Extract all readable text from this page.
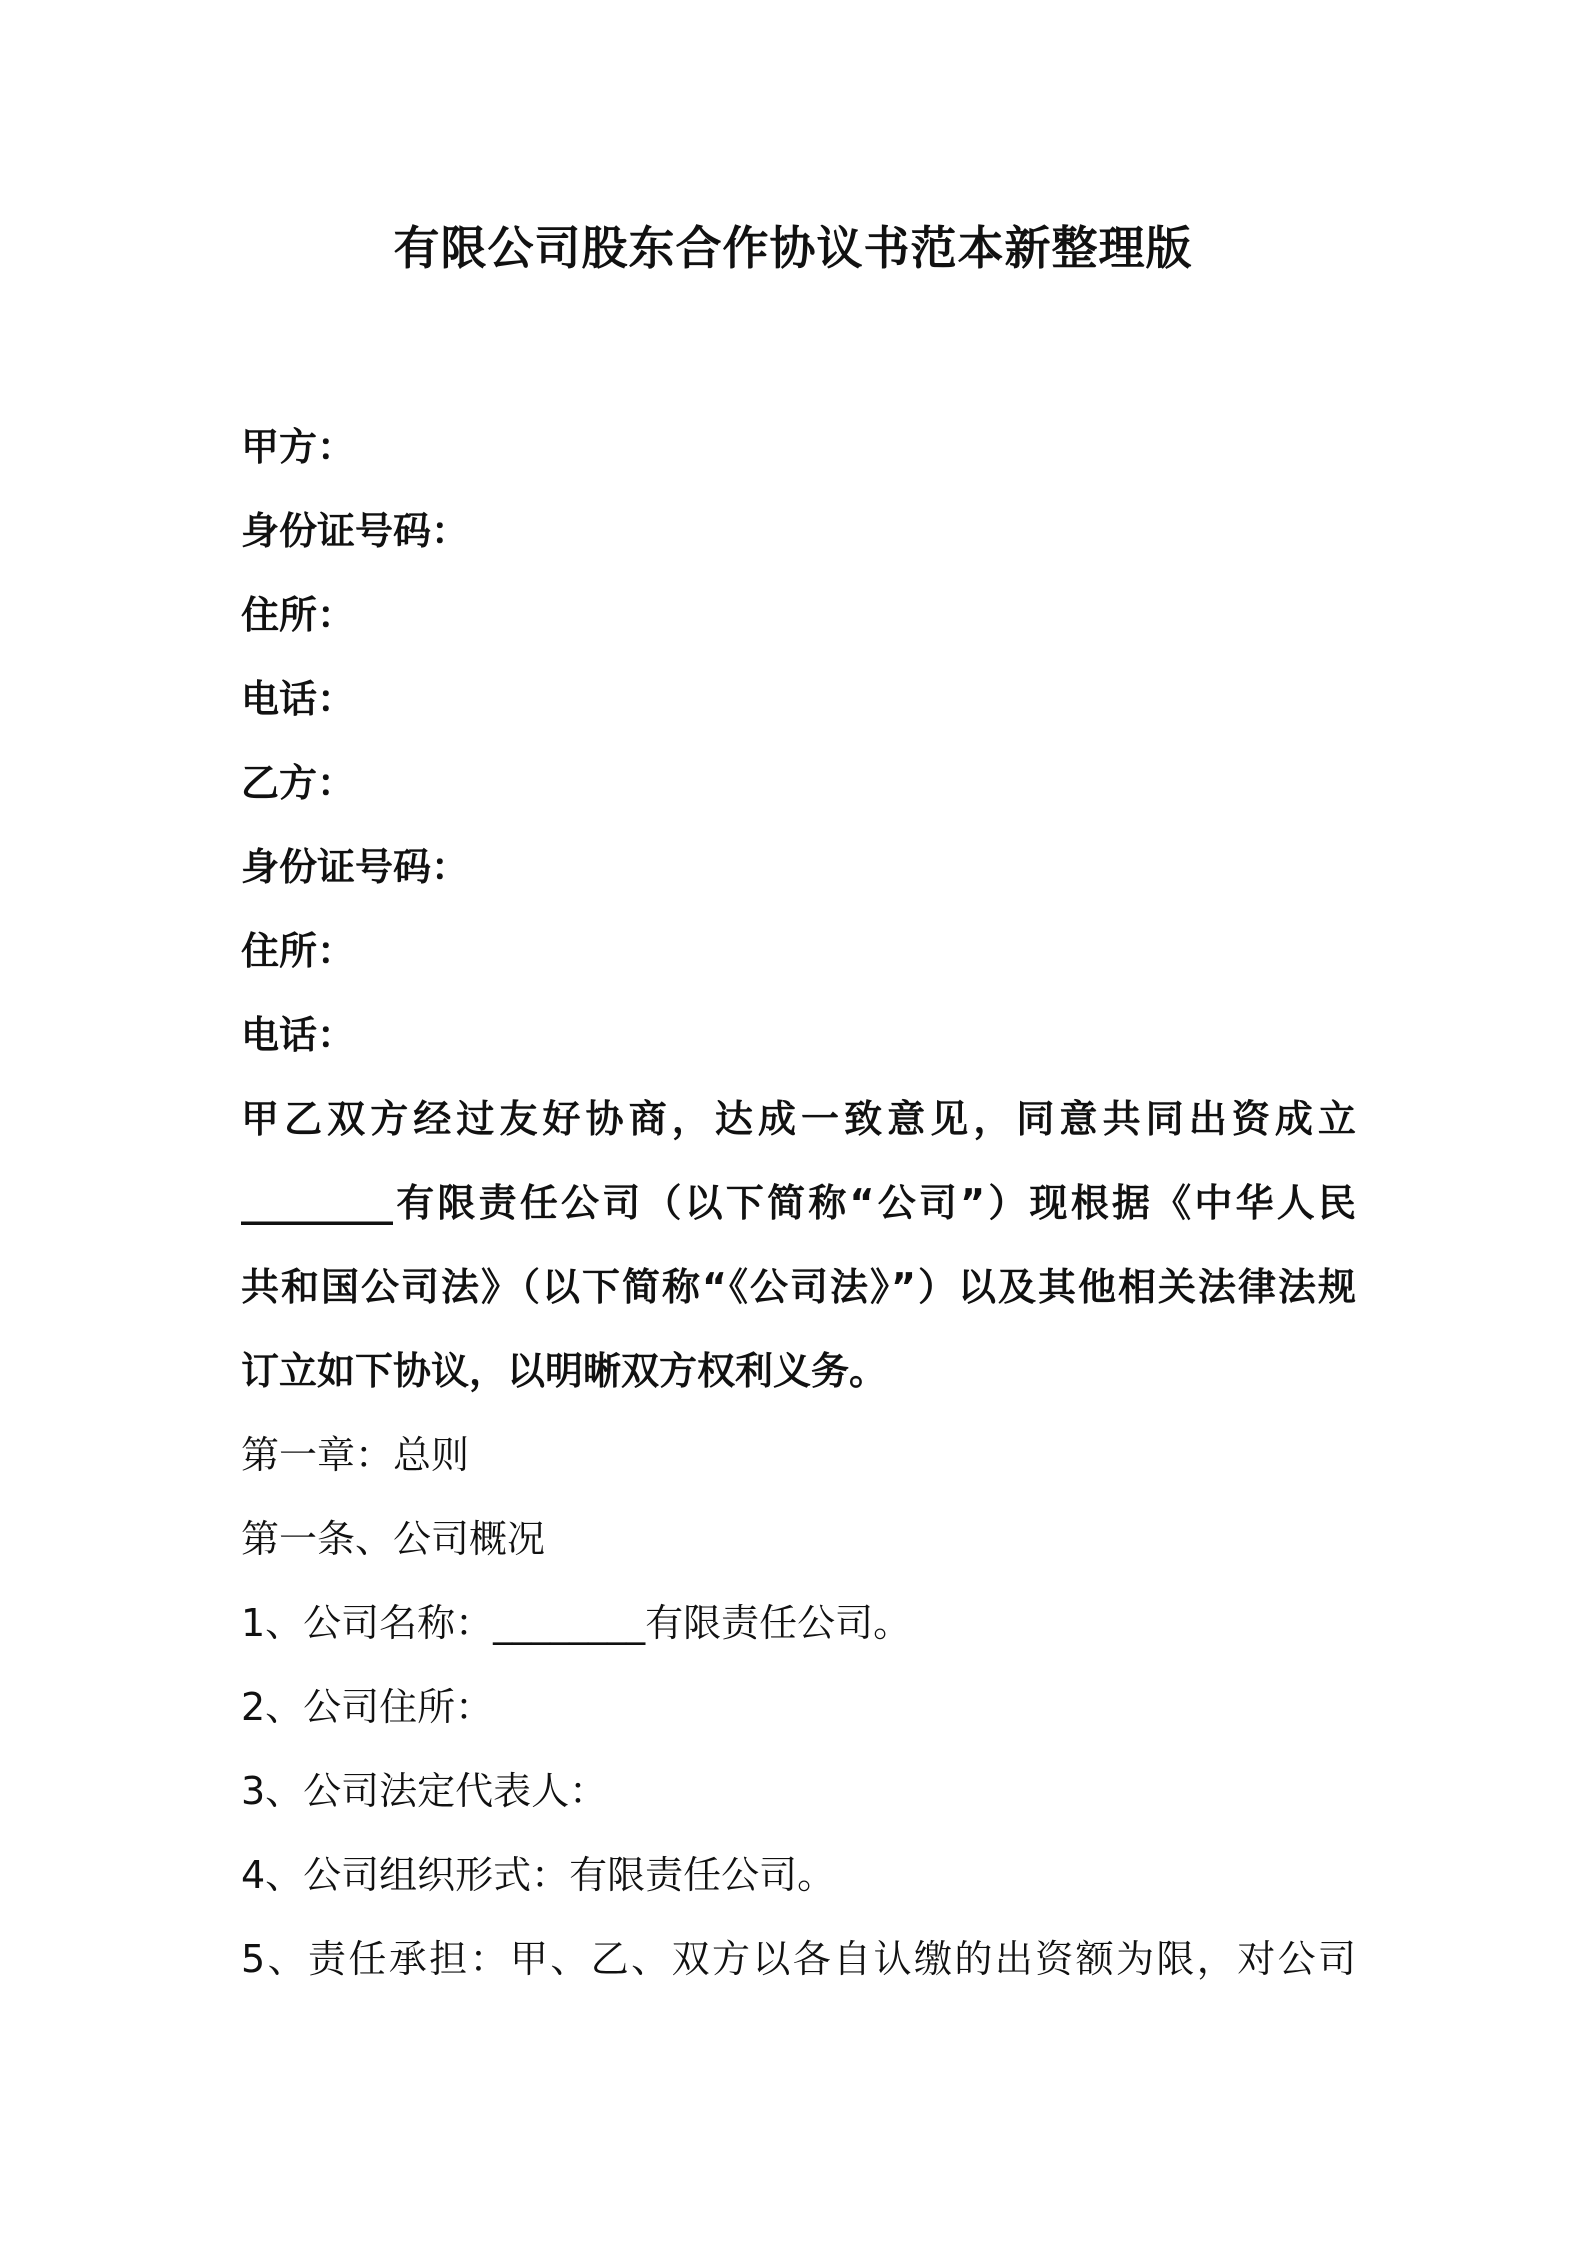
有限公司股东合作协议书范本新整理版

甲方：

身份证号码：

住所：

电话：

乙方：

身份证号码：

住所：

电话：

甲乙双方经过友好协商，达成一致意见，同意共同出资成立

________有限责任公司（以下简称“公司”）现根据《中华人民

共和国公司法》（以下简称“《公司法》”）以及其他相关法律法规

订立如下协议，以明晰双方权利义务。

第一章：总则

第一条、公司概况

1、公司名称：________有限责任公司。

2、公司住所：

3、公司法定代表人：

4、公司组织形式：有限责任公司。

5、责任承担：甲、乙、双方以各自认缴的出资额为限，对公司
